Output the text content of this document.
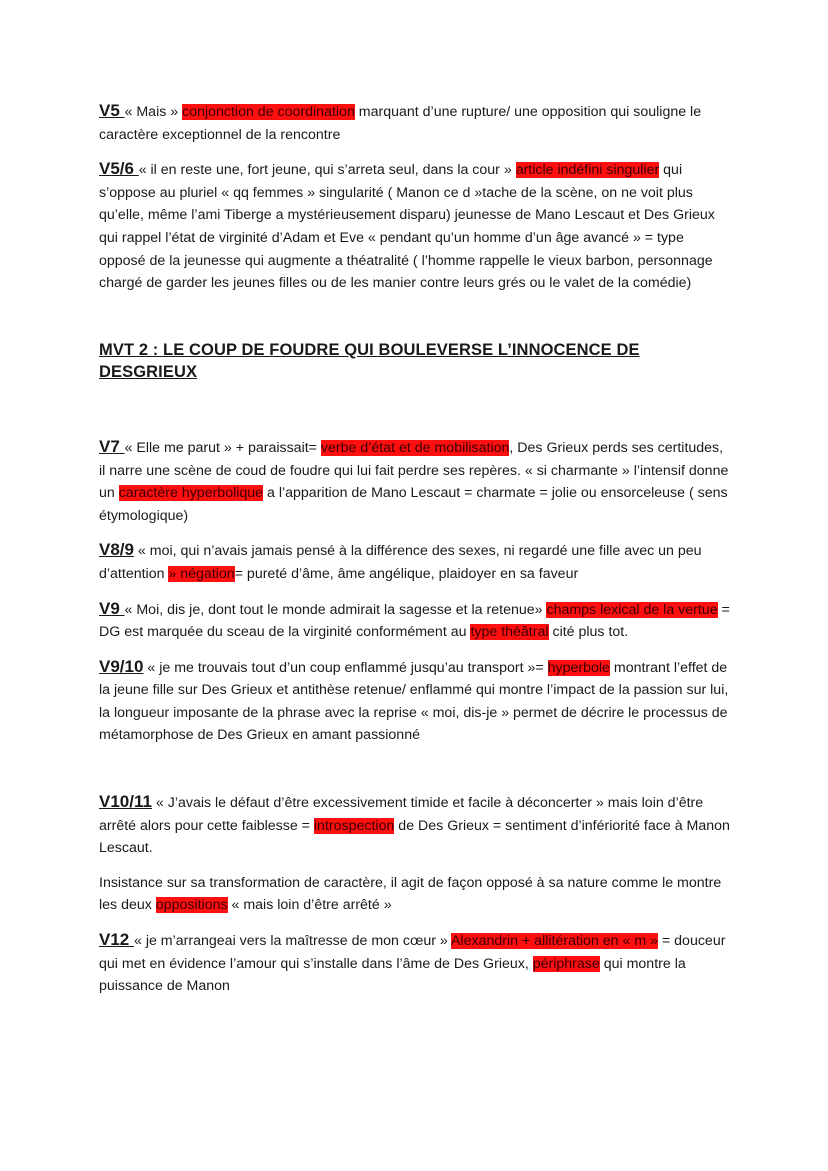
V5 « Mais » conjonction de coordination marquant d’une rupture/ une opposition qui souligne le caractère exceptionnel de la rencontre

V5/6 « il en reste une, fort jeune, qui s’arreta seul, dans la cour » article indéfini singulier qui s’oppose au pluriel « qq femmes » singularité ( Manon ce d »tache de la scène, on ne voit plus qu’elle, même l’ami Tiberge a mystérieusement disparu) jeunesse de Mano Lescaut et Des Grieux qui rappel l’état de virginité d’Adam et Eve « pendant qu’un homme d’un âge avancé » = type opposé de la jeunesse qui augmente a théatralité ( l’homme rappelle le vieux barbon, personnage chargé de garder les jeunes filles ou de les manier contre leurs grés ou le valet de la comédie)

MVT 2 : LE COUP DE FOUDRE QUI BOULEVERSE L’INNOCENCE DE DESGRIEUX

V7 « Elle me parut » + paraissait= verbe d’état et de mobilisation, Des Grieux perds ses certitudes, il narre une scène de coud de foudre qui lui fait perdre ses repères. « si charmante » l’intensif donne un caractère hyperbolique a l’apparition de Mano Lescaut = charmate = jolie ou ensorceleuse ( sens étymologique)

V8/9 « moi, qui n’avais jamais pensé à la différence des sexes, ni regardé une fille avec un peu d’attention » négation= pureté d’âme, âme angélique, plaidoyer en sa faveur

V9 « Moi, dis je, dont tout le monde admirait la sagesse et la retenue» champs lexical de la vertue = DG est marquée du sceau de la virginité conformément au type théâtral cité plus tot.

V9/10 « je me trouvais tout d’un coup enflammé jusqu’au transport »= hyperbole montrant l’effet de la jeune fille sur Des Grieux et antithèse retenue/ enflammé qui montre l’impact de la passion sur lui, la longueur imposante de la phrase avec la reprise « moi, dis-je » permet de décrire le processus de métamorphose de Des Grieux en amant passionné

V10/11 « J’avais le défaut d’être excessivement timide et facile à déconcerter » mais loin d’être arrêté alors pour cette faiblesse = introspection de Des Grieux = sentiment d’infériorité face à Manon Lescaut.

Insistance sur sa transformation de caractère, il agit de façon opposé à sa nature comme le montre les deux oppositions « mais loin d’être arrêté »

V12 « je m’arrangeai vers la maîtresse de mon cœur » Alexandrin + allitération en « m » = douceur qui met en évidence l’amour qui s’installe dans l’âme de Des Grieux, périphrase qui montre la puissance de Manon
